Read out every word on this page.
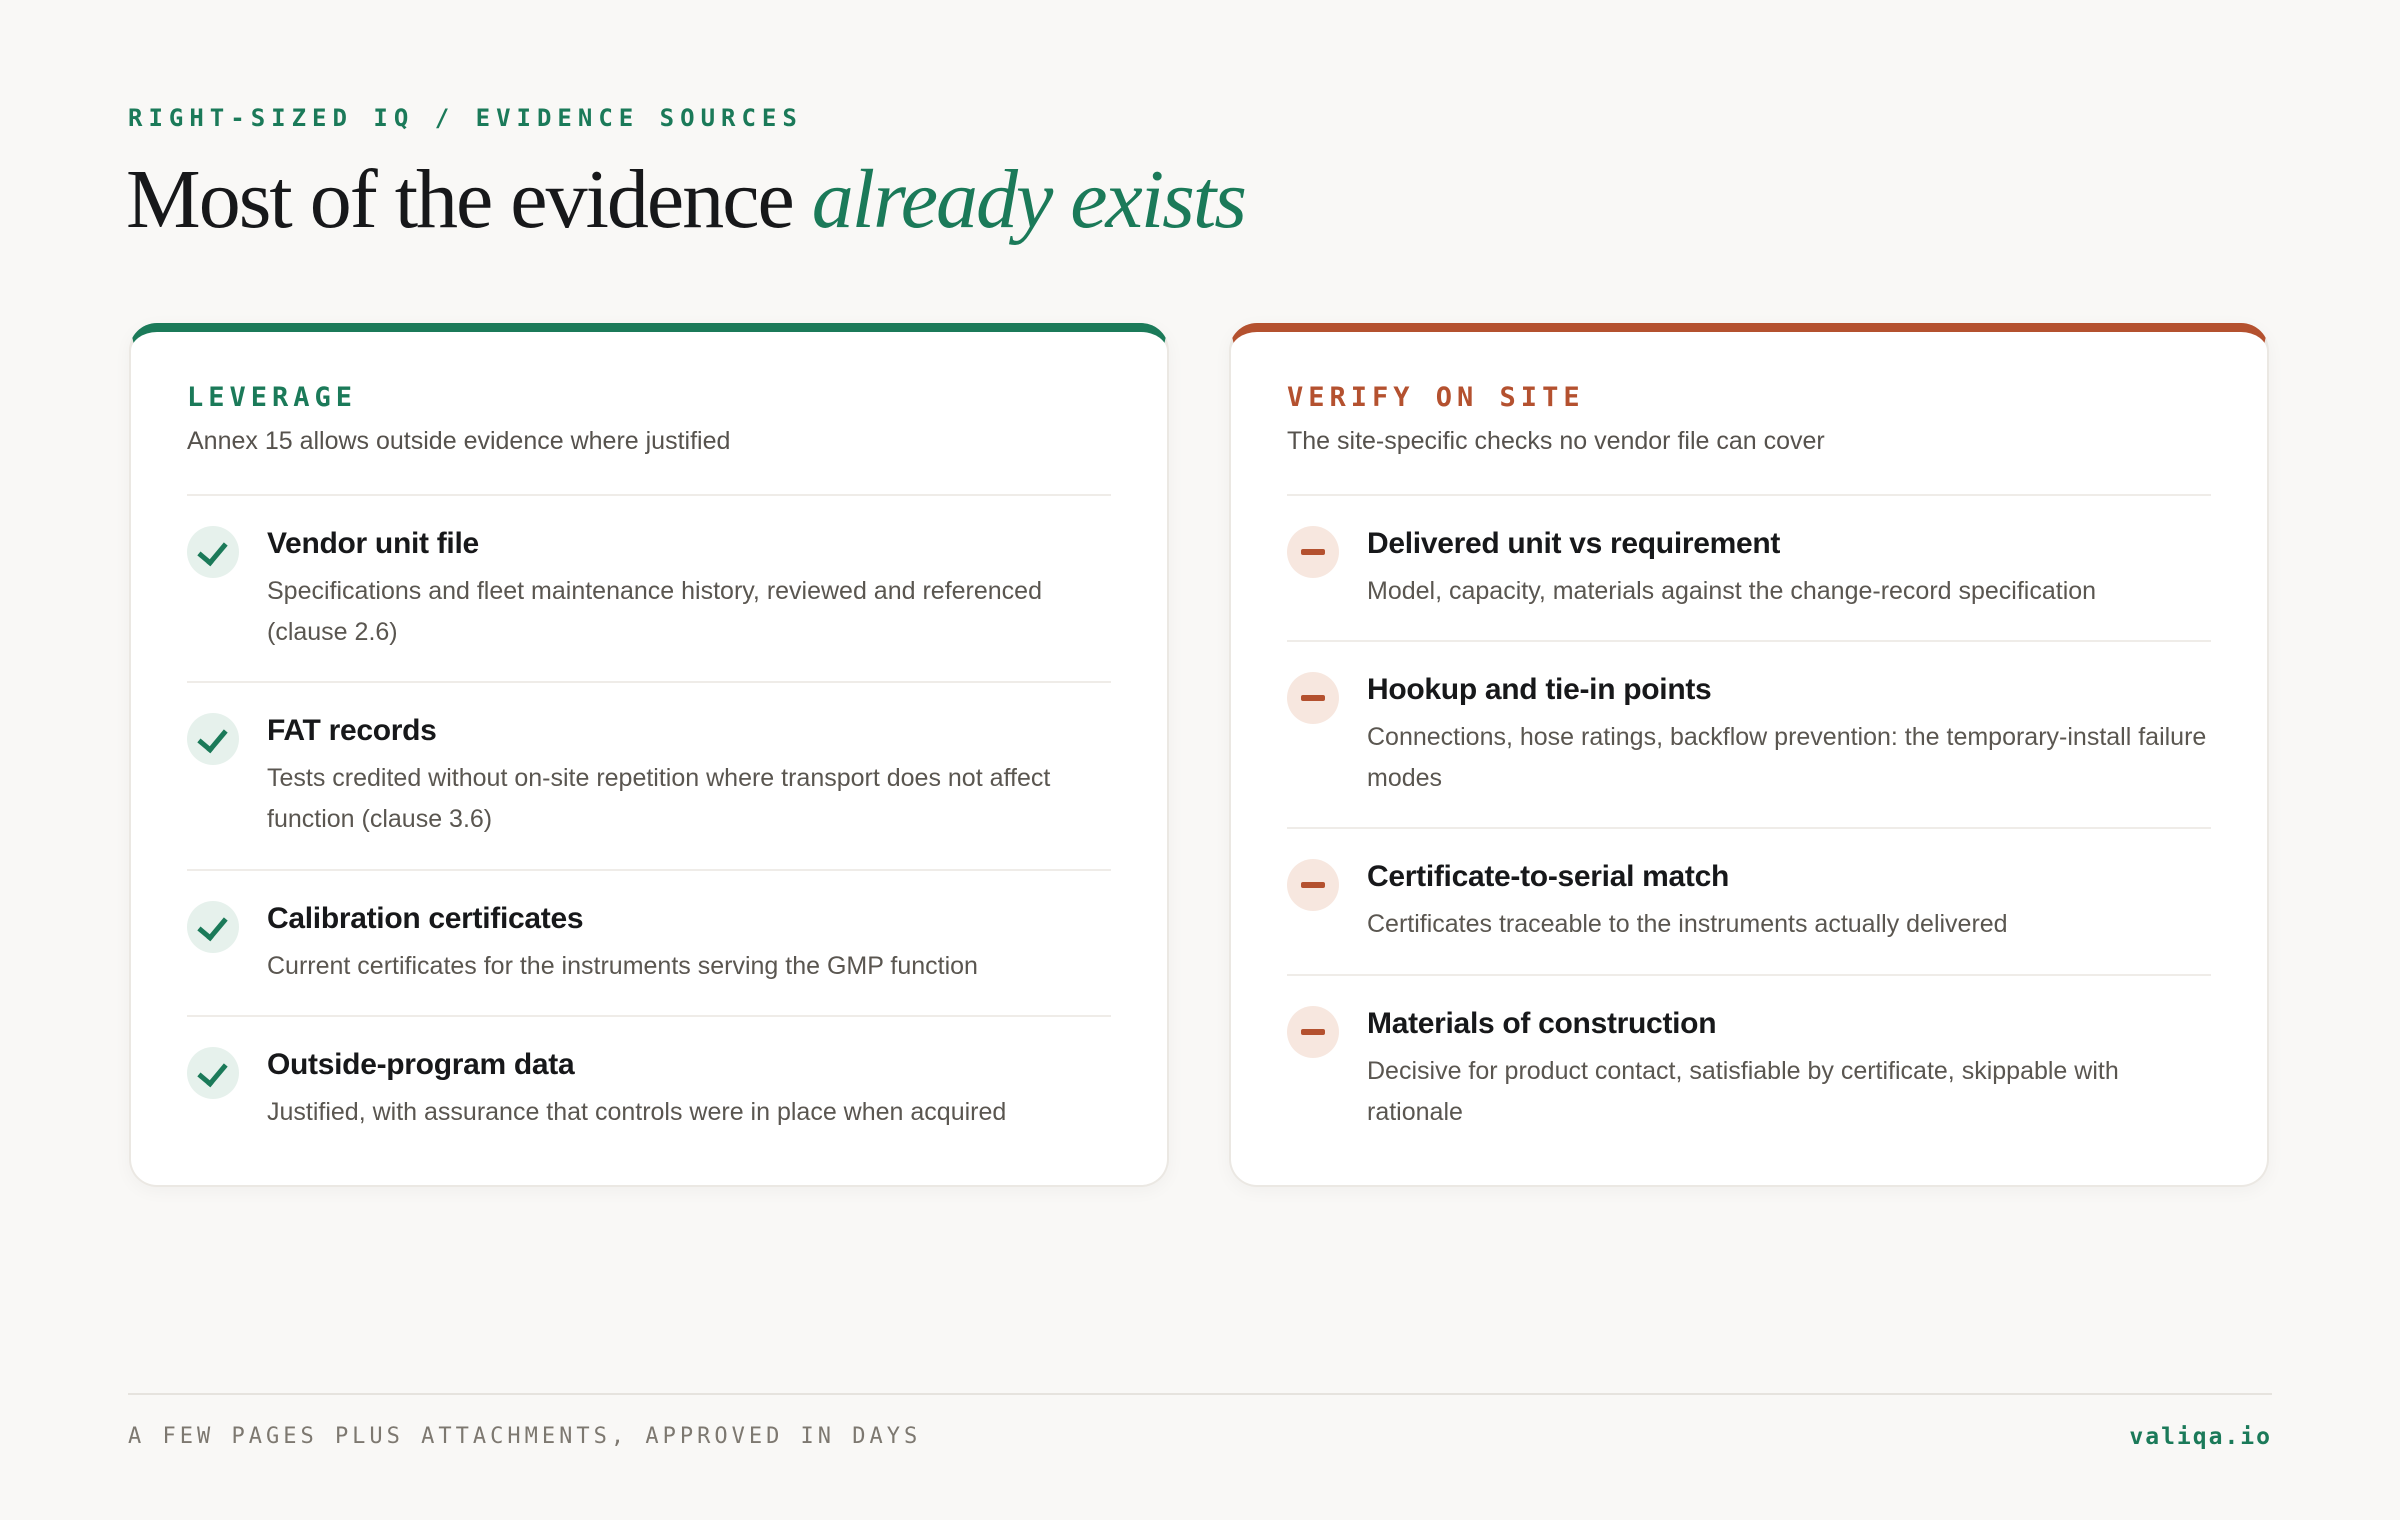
RIGHT-SIZED IQ / EVIDENCE SOURCES
Most of the evidence already exists
LEVERAGE
Annex 15 allows outside evidence where justified
Vendor unit file
Specifications and fleet maintenance history, reviewed and referenced (clause 2.6)
FAT records
Tests credited without on-site repetition where transport does not affect function (clause 3.6)
Calibration certificates
Current certificates for the instruments serving the GMP function
Outside-program data
Justified, with assurance that controls were in place when acquired
VERIFY ON SITE
The site-specific checks no vendor file can cover
Delivered unit vs requirement
Model, capacity, materials against the change-record specification
Hookup and tie-in points
Connections, hose ratings, backflow prevention: the temporary-install failure modes
Certificate-to-serial match
Certificates traceable to the instruments actually delivered
Materials of construction
Decisive for product contact, satisfiable by certificate, skippable with rationale
A FEW PAGES PLUS ATTACHMENTS, APPROVED IN DAYS	valiqa.io
